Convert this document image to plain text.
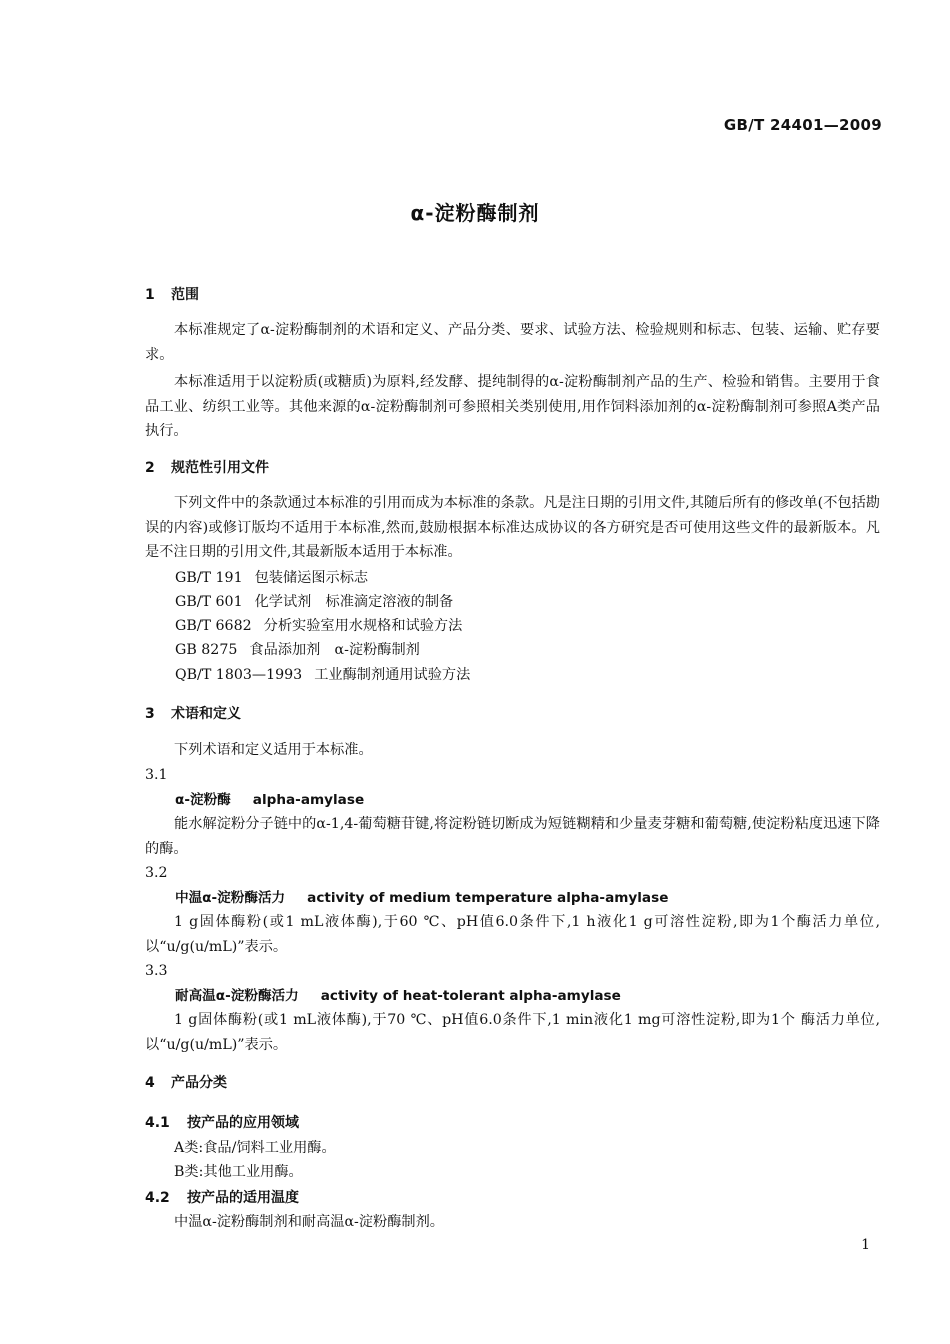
GB/T 24401—2009
α-淀粉酶制剂
1 范围
本标准规定了α-淀粉酶制剂的术语和定义、产品分类、要求、试验方法、检验规则和标志、包装、运输、贮存要求。
本标准适用于以淀粉质(或糖质)为原料,经发酵、提纯制得的α-淀粉酶制剂产品的生产、检验和销售。主要用于食品工业、纺织工业等。其他来源的α-淀粉酶制剂可参照相关类别使用,用作饲料添加剂的α-淀粉酶制剂可参照A类产品执行。
2 规范性引用文件
下列文件中的条款通过本标准的引用而成为本标准的条款。凡是注日期的引用文件,其随后所有的修改单(不包括勘误的内容)或修订版均不适用于本标准,然而,鼓励根据本标准达成协议的各方研究是否可使用这些文件的最新版本。凡是不注日期的引用文件,其最新版本适用于本标准。
GB/T 191 包装储运图示标志
GB/T 601 化学试剂　标准滴定溶液的制备
GB/T 6682 分析实验室用水规格和试验方法
GB 8275 食品添加剂　α-淀粉酶制剂
QB/T 1803—1993 工业酶制剂通用试验方法
3 术语和定义
下列术语和定义适用于本标准。
3.1
α-淀粉酶 alpha-amylase
能水解淀粉分子链中的α-1,4-葡萄糖苷键,将淀粉链切断成为短链糊精和少量麦芽糖和葡萄糖,使淀粉粘度迅速下降的酶。
3.2
中温α-淀粉酶活力 activity of medium temperature alpha-amylase
1 g固体酶粉(或1 mL液体酶),于60 ℃、pH值6.0条件下,1 h液化1 g可溶性淀粉,即为1个酶活力单位,以“u/g(u/mL)”表示。
3.3
耐高温α-淀粉酶活力 activity of heat-tolerant alpha-amylase
1 g固体酶粉(或1 mL液体酶),于70 ℃、pH值6.0条件下,1 min液化1 mg可溶性淀粉,即为1个 酶活力单位,以“u/g(u/mL)”表示。
4 产品分类
4.1 按产品的应用领域
A类:食品/饲料工业用酶。
B类:其他工业用酶。
4.2 按产品的适用温度
中温α-淀粉酶制剂和耐高温α-淀粉酶制剂。
1
